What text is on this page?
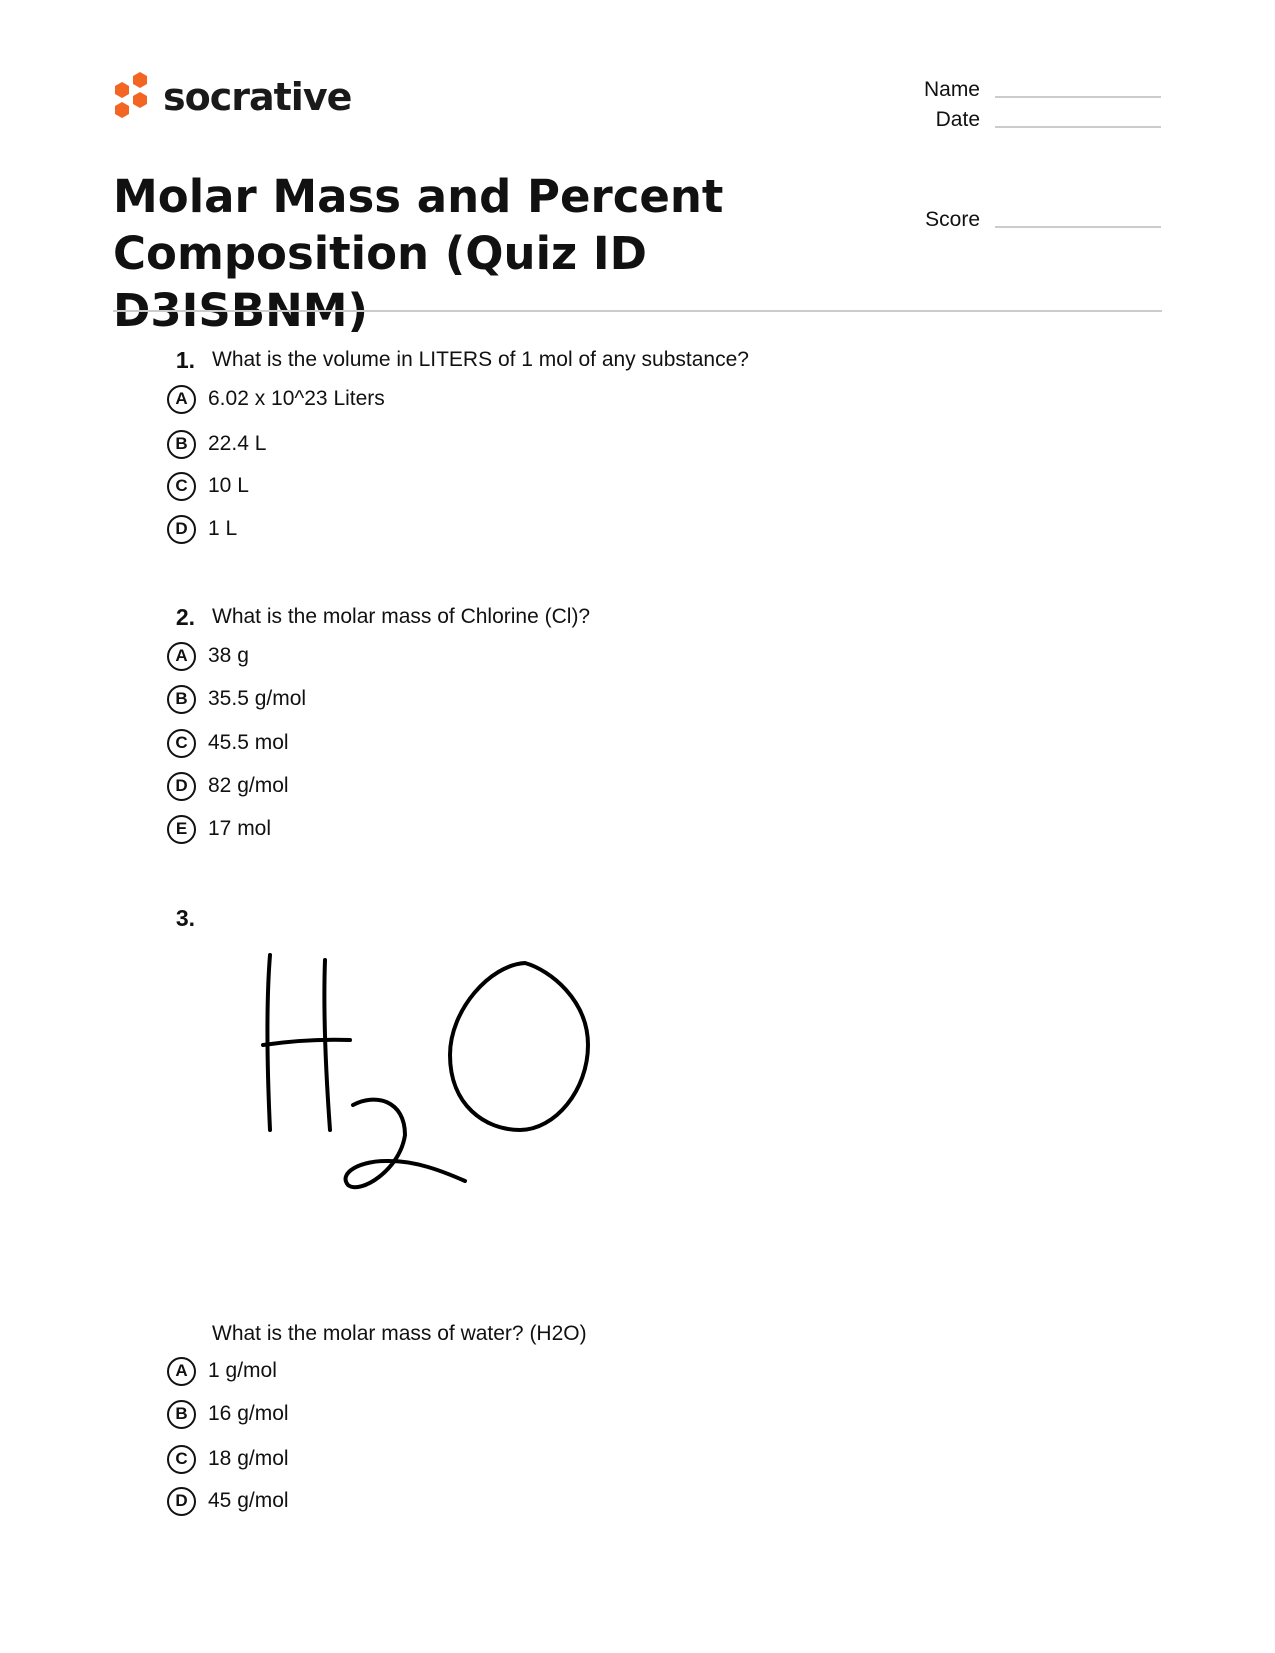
socrative	Name
Date
Score
Molar Mass and Percent Composition (Quiz ID D3ISBNM)
1. What is the volume in LITERS of 1 mol of any substance?
A 6.02 x 10^23 Liters
B 22.4 L
C 10 L
D 1 L
2. What is the molar mass of Chlorine (Cl)?
A 38 g
B 35.5 g/mol
C 45.5 mol
D 82 g/mol
E 17 mol
3.
What is the molar mass of water? (H2O)
A 1 g/mol
B 16 g/mol
C 18 g/mol
D 45 g/mol
